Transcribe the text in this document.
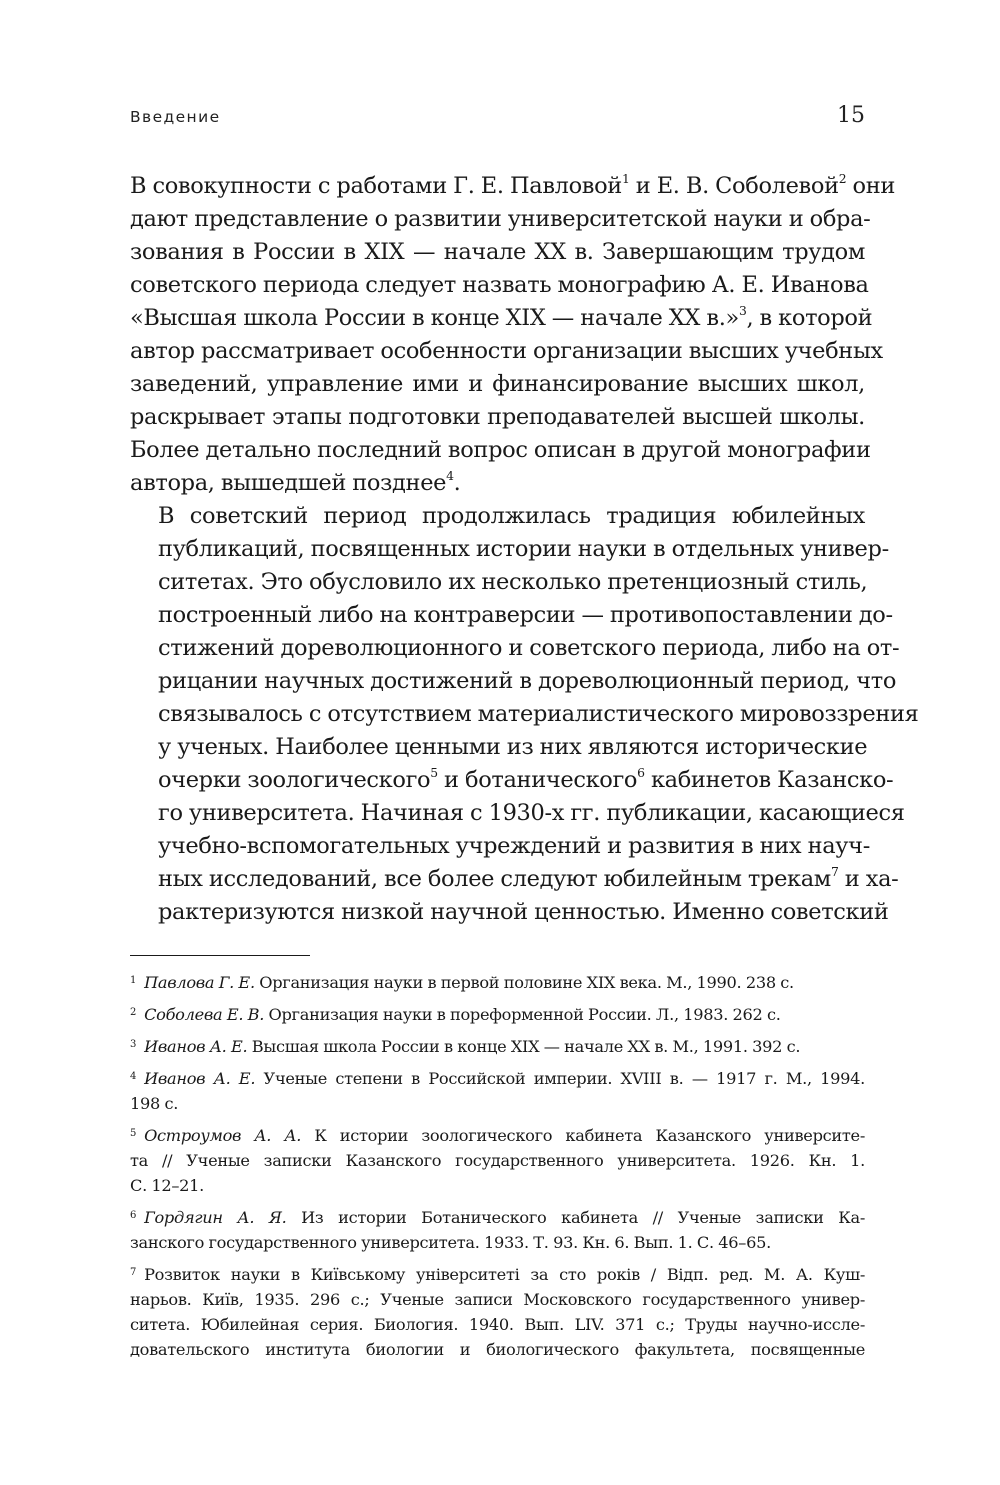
Введение	15

В совокупности с работами Г. Е. Павловой$^1$ и Е. В. Соболевой$^2$ они
дают представление о развитии университетской науки и обра-
зования в России в XIX — начале XX в. Завершающим трудом
советского периода следует назвать монографию А. Е. Иванова
«Высшая школа России в конце XIX — начале XX в.»$^3$, в которой
автор рассматривает особенности организации высших учебных
заведений, управление ими и финансирование высших школ,
раскрывает этапы подготовки преподавателей высшей школы.
Более детально последний вопрос описан в другой монографии
автора, вышедшей позднее$^4$.

В советский период продолжилась традиция юбилейных
публикаций, посвященных истории науки в отдельных универ-
ситетах. Это обусловило их несколько претенциозный стиль,
построенный либо на контраверсии — противопоставлении до-
стижений дореволюционного и советского периода, либо на от-
рицании научных достижений в дореволюционный период, что
связывалось с отсутствием материалистического мировоззрения
у ученых. Наиболее ценными из них являются исторические
очерки зоологического$^5$ и ботанического$^6$ кабинетов Казанско-
го университета. Начиная с 1930-х гг. публикации, касающиеся
учебно-вспомогательных учреждений и развития в них науч-
ных исследований, все более следуют юбилейным трекам$^7$ и ха-
рактеризуются низкой научной ценностью. Именно советский

$^1$ Павлова Г. Е. Организация науки в первой половине XIX века. М., 1990. 238 с.
$^2$ Соболева Е. В. Организация науки в пореформенной России. Л., 1983. 262 с.
$^3$ Иванов А. Е. Высшая школа России в конце XIX — начале XX в. М., 1991. 392 с.
$^4$ Иванов А. Е. Ученые степени в Российской империи. XVIII в. — 1917 г. М., 1994.
198 с.
$^5$ Остроумов А. А. К истории зоологического кабинета Казанского университе-
та // Ученые записки Казанского государственного университета. 1926. Кн. 1.
С. 12–21.
$^6$ Гордягин А. Я. Из истории Ботанического кабинета // Ученые записки Ка-
занского государственного университета. 1933. Т. 93. Кн. 6. Вып. 1. С. 46–65.
$^7$ Розвиток науки в Київському університеті за сто років / Відп. ред. М. А. Куш-
нарьов. Київ, 1935. 296 с.; Ученые записи Московского государственного универ-
ситета. Юбилейная серия. Биология. 1940. Вып. LIV. 371 с.; Труды научно-иссле-
довательского института биологии и биологического факультета, посвященные
